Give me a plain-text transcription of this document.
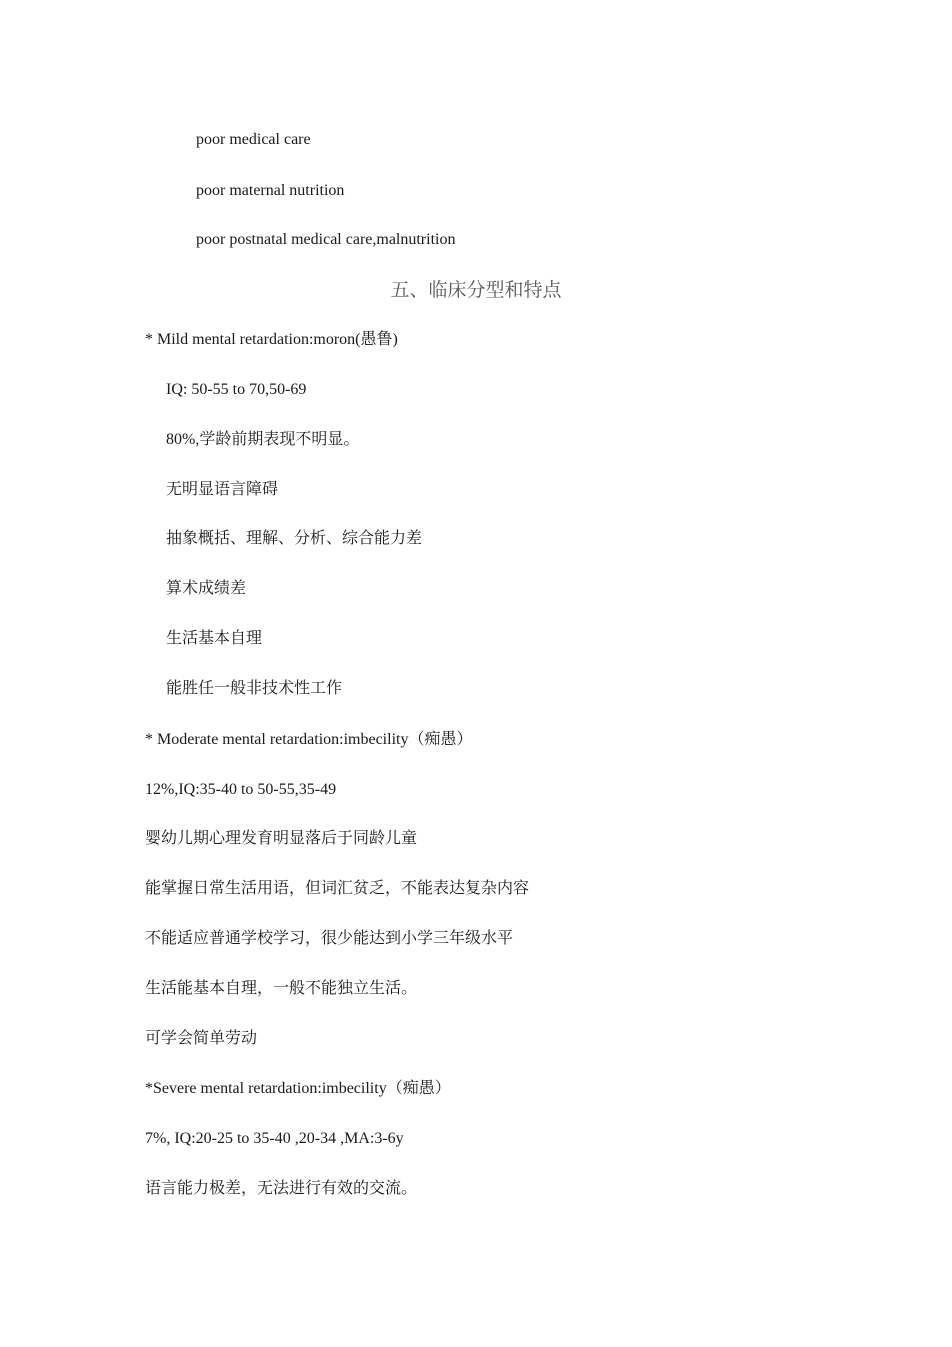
poor medical care
poor maternal nutrition
poor postnatal medical care,malnutrition
五、临床分型和特点
* Mild mental retardation:moron(愚鲁)
IQ: 50-55 to 70,50-69
80%,学龄前期表现不明显。
无明显语言障碍
抽象概括、理解、分析、综合能力差
算术成绩差
生活基本自理
能胜任一般非技术性工作
* Moderate mental retardation:imbecility（痴愚）
12%,IQ:35-40 to 50-55,35-49
婴幼儿期心理发育明显落后于同龄儿童
能掌握日常生活用语，但词汇贫乏，不能表达复杂内容
不能适应普通学校学习，很少能达到小学三年级水平
生活能基本自理，一般不能独立生活。
可学会简单劳动
*Severe mental retardation:imbecility（痴愚）
7%, IQ:20-25 to 35-40 ,20-34 ,MA:3-6y
语言能力极差，无法进行有效的交流。
